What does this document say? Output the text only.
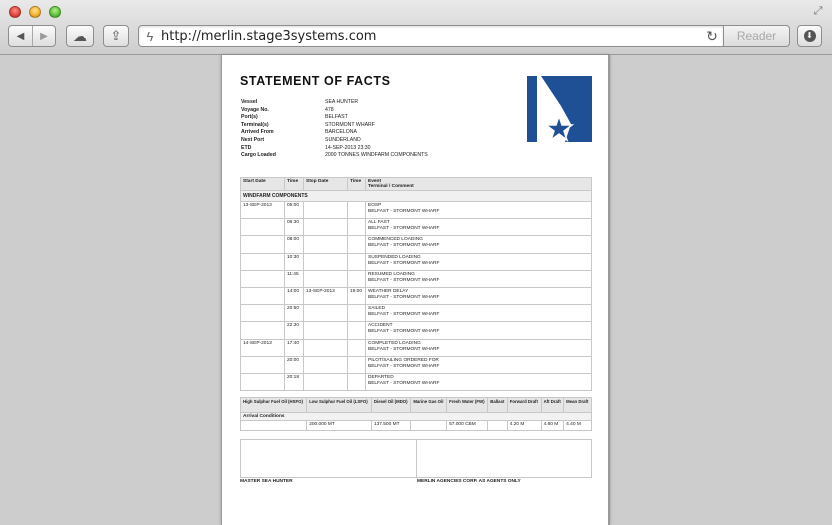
⤢
◀ ▶ ☁ ⇪	ϟ http://merlin.stage3systems.com	↻	Reader	⬇
STATEMENT OF FACTS
Vessel	SEA HUNTER
Voyage No.	478
Port(s)	BELFAST
Terminal(s)	STORMONT WHARF
Arrived From	BARCELONA
Next Port	SUNDERLAND
ETD	14-SEP-2013 23:30
Cargo Loaded	2000 TONNES WINDFARM COMPONENTS
Start Date	Time	Stop Date	Time	Event
Terminal / Comment
WINDFARM COMPONENTS				
13-SEP-2013	05:00			EOSP
BELFAST - STORMONT WHARF
	06:30			ALL FAST
BELFAST - STORMONT WHARF
	08:00			COMMENCED LOADING
BELFAST - STORMONT WHARF
	10:30			SUSPENDED LOADING
BELFAST - STORMONT WHARF
	11:45			RESUMED LOADING
BELFAST - STORMONT WHARF
	14:00	13-SEP-2013	19:00	WEATHER DELAY
BELFAST - STORMONT WHARF
	20:50			SAILED
BELFAST - STORMONT WHARF
	22:30			ACCIDENT
BELFAST - STORMONT WHARF
14-SEP-2013	17:40			COMPLETED LOADING
BELFAST - STORMONT WHARF
	20:00			PILOT/SAILING ORDERED FOR
BELFAST - STORMONT WHARF
	20:18			DEPARTED
BELFAST - STORMONT WHARF
High Sulphur Fuel Oil (HSFO)	Low Sulphur Fuel Oil (LSFO)	Diesel Oil (MDO)	Marine Gas Oil	Fresh Water (FW)	Ballast	Forward Draft	Aft Draft	Mean Draft
Arrival Conditions								
	200.000 MT	137.500 MT		57.000 CBM		4.20 M	4.60 M	4.40 M
MASTER SEA HUNTER	MERLIN AGENCIES CORP. AS AGENTS ONLY
